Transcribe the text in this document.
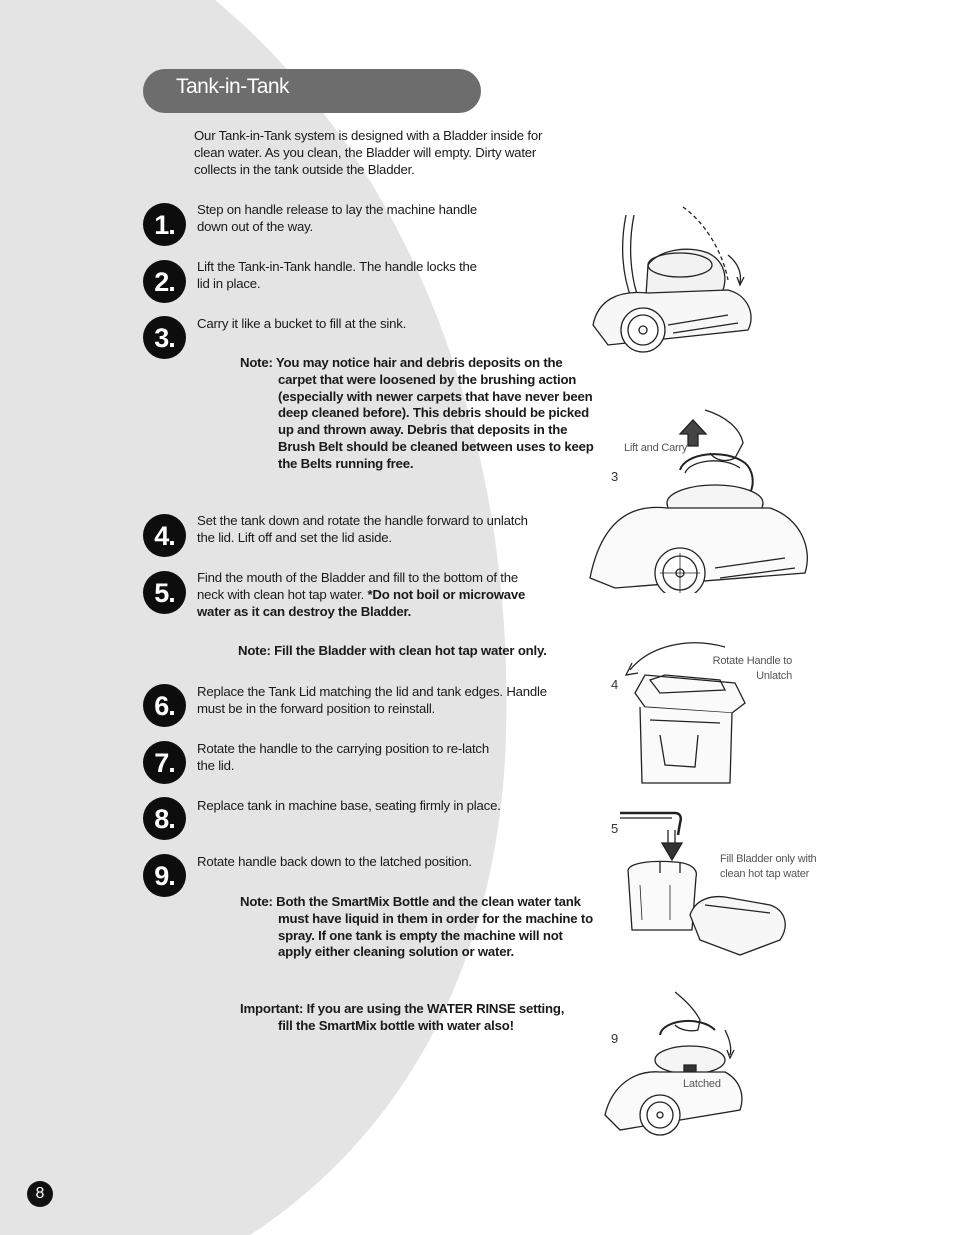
Tank-in-Tank
Our Tank-in-Tank system is designed with a Bladder inside for clean water. As you clean, the Bladder will empty. Dirty water collects in the tank outside the Bladder.
1.
Step on handle release to lay the machine handle down out of the way.
2.
Lift the Tank-in-Tank handle. The handle locks the lid in place.
3.	Carry it like a bucket to fill at the sink.
Note: You may notice hair and debris deposits on the carpet that were loosened by the brushing action (especially with newer carpets that have never been deep cleaned before). This debris should be picked up and thrown away. Debris that deposits in the Brush Belt should be cleaned between uses to keep the Belts running free.
4.
Set the tank down and rotate the handle forward to unlatch the lid. Lift off and set the lid aside.
5.
Find the mouth of the Bladder and fill to the bottom of the neck with clean hot tap water. *Do not boil or microwave water as it can destroy the Bladder.
Note: Fill the Bladder with clean hot tap water only.
6.	Replace the Tank Lid matching the lid and tank edges. Handle must be in the forward position to reinstall.
7.	Rotate the handle to the carrying position to re-latch the lid.
8.	Replace tank in machine base, seating firmly in place.
9.	Rotate handle back down to the latched position.
Note: Both the SmartMix Bottle and the clean water tank must have liquid in them in order for the machine to spray. If one tank is empty the machine will not apply either cleaning solution or water.
Important: If you are using the WATER RINSE setting, fill the SmartMix bottle with water also!
Lift and Carry
3
Rotate Handle to
Unlatch
4
5
Fill Bladder only with
clean hot tap water
9
Latched
8
